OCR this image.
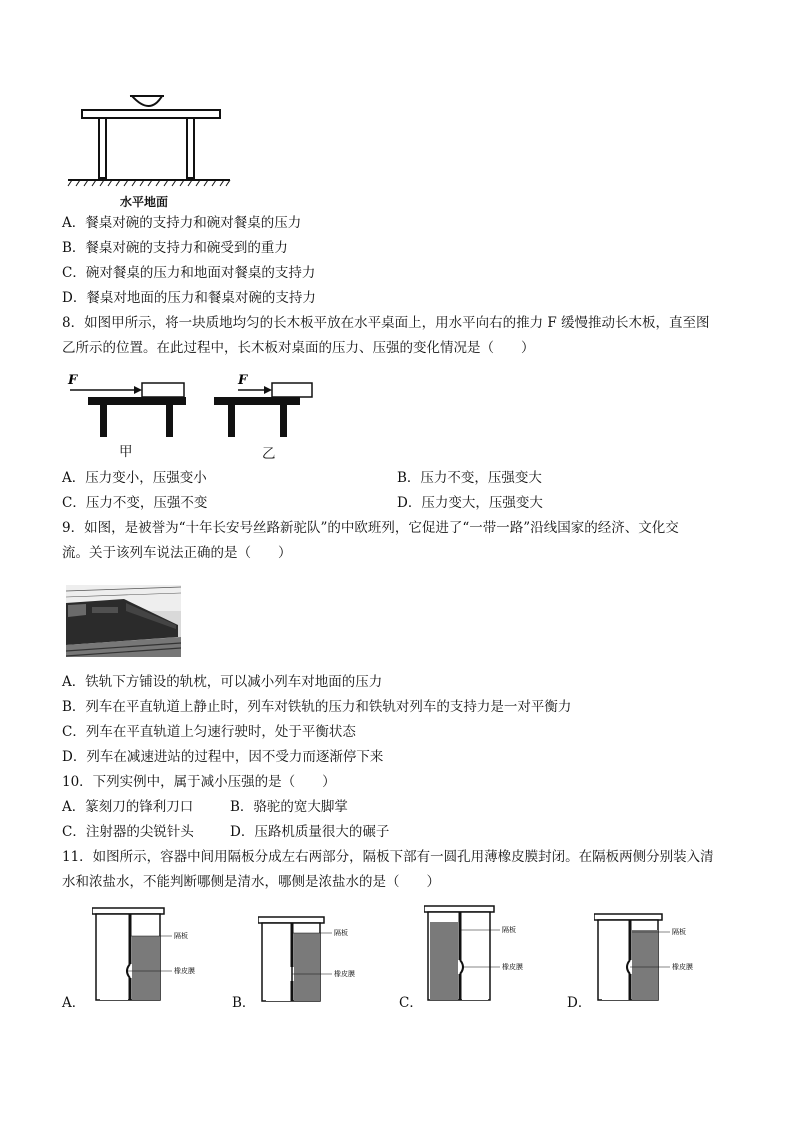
水平地面
A．餐桌对碗的支持力和碗对餐桌的压力
B．餐桌对碗的支持力和碗受到的重力
C．碗对餐桌的压力和地面对餐桌的支持力
D．餐桌对地面的压力和餐桌对碗的支持力
8．如图甲所示，将一块质地均匀的长木板平放在水平桌面上，用水平向右的推力 F 缓慢推动长木板，直至图
乙所示的位置。在此过程中，长木板对桌面的压力、压强的变化情况是（　　）
F	F
甲	乙
A．压力变小，压强变小	B．压力不变，压强变大
C．压力不变，压强不变	D．压力变大，压强变大
9．如图，是被誉为“十年长安号丝路新驼队”的中欧班列，它促进了“一带一路”沿线国家的经济、文化交
流。关于该列车说法正确的是（　　）
A．铁轨下方铺设的轨枕，可以减小列车对地面的压力
B．列车在平直轨道上静止时，列车对铁轨的压力和铁轨对列车的支持力是一对平衡力
C．列车在平直轨道上匀速行驶时，处于平衡状态
D．列车在减速进站的过程中，因不受力而逐渐停下来
10．下列实例中，属于减小压强的是（　　）
A．篆刻刀的锋利刀口	B．骆驼的宽大脚掌
C．注射器的尖锐针头	D．压路机质量很大的碾子
11．如图所示，容器中间用隔板分成左右两部分，隔板下部有一圆孔用薄橡皮膜封闭。在隔板两侧分别装入清
水和浓盐水，不能判断哪侧是清水，哪侧是浓盐水的是（　　）
隔板
橡皮膜
A．
隔板
橡皮膜
B．
隔板
橡皮膜
C．
隔板
橡皮膜
D．
